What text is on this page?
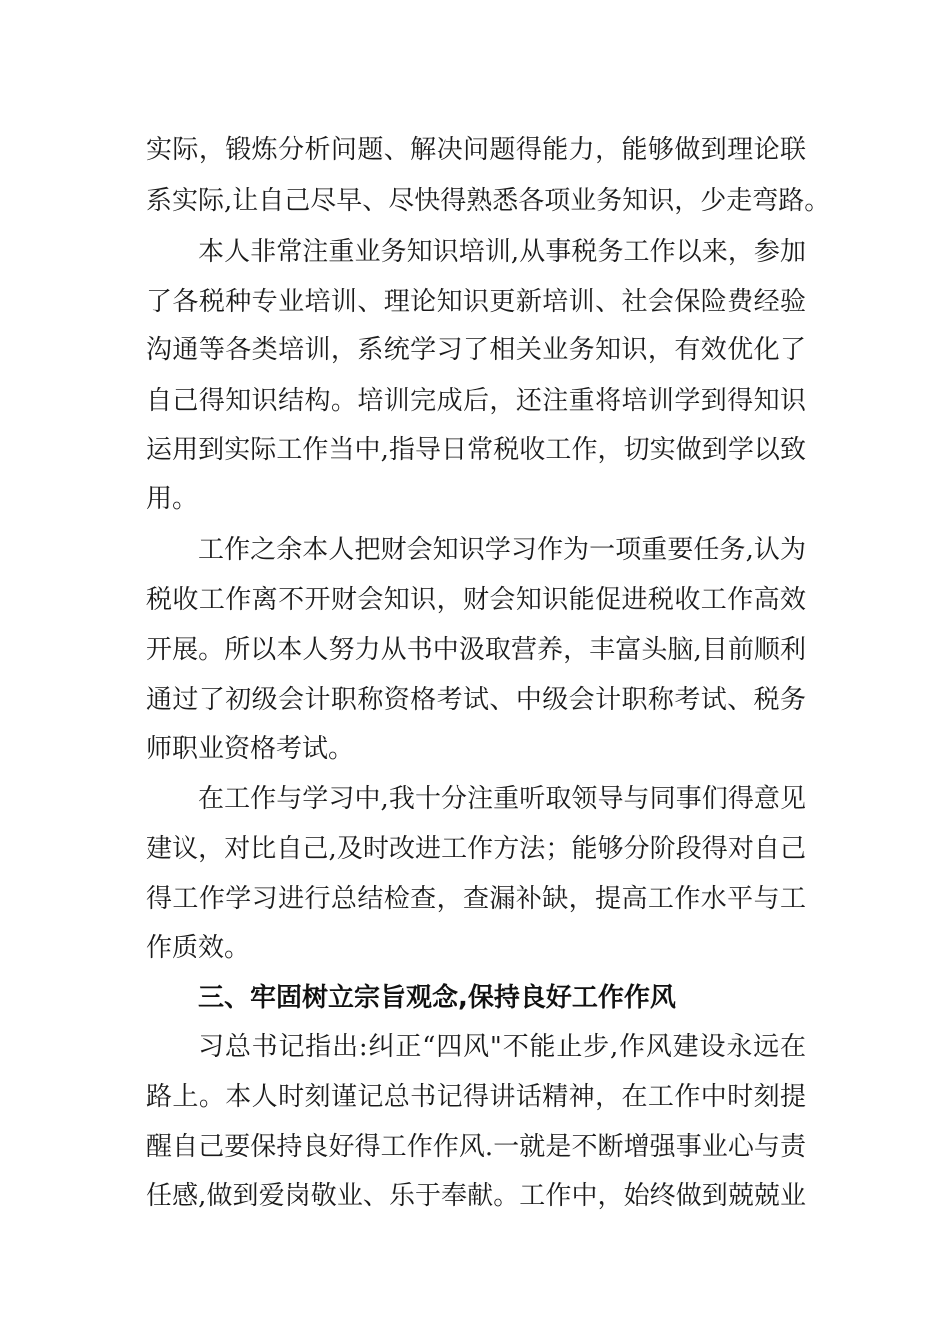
实际，锻炼分析问题、解决问题得能力，能够做到理论联

系实际,让自己尽早、尽快得熟悉各项业务知识，少走弯路。

本人非常注重业务知识培训,从事税务工作以来，参加

了各税种专业培训、理论知识更新培训、社会保险费经验

沟通等各类培训，系统学习了相关业务知识，有效优化了

自己得知识结构。培训完成后，还注重将培训学到得知识

运用到实际工作当中,指导日常税收工作，切实做到学以致

用。

工作之余本人把财会知识学习作为一项重要任务,认为

税收工作离不开财会知识，财会知识能促进税收工作高效

开展。所以本人努力从书中汲取营养，丰富头脑,目前顺利

通过了初级会计职称资格考试、中级会计职称考试、税务

师职业资格考试。

在工作与学习中,我十分注重听取领导与同事们得意见

建议，对比自己,及时改进工作方法；能够分阶段得对自己

得工作学习进行总结检查，查漏补缺，提高工作水平与工

作质效。

三、牢固树立宗旨观念,保持良好工作作风

习总书记指出:纠正“四风"不能止步,作风建设永远在

路上。本人时刻谨记总书记得讲话精神，在工作中时刻提

醒自己要保持良好得工作作风.一就是不断增强事业心与责

任感,做到爱岗敬业、乐于奉献。工作中，始终做到兢兢业
